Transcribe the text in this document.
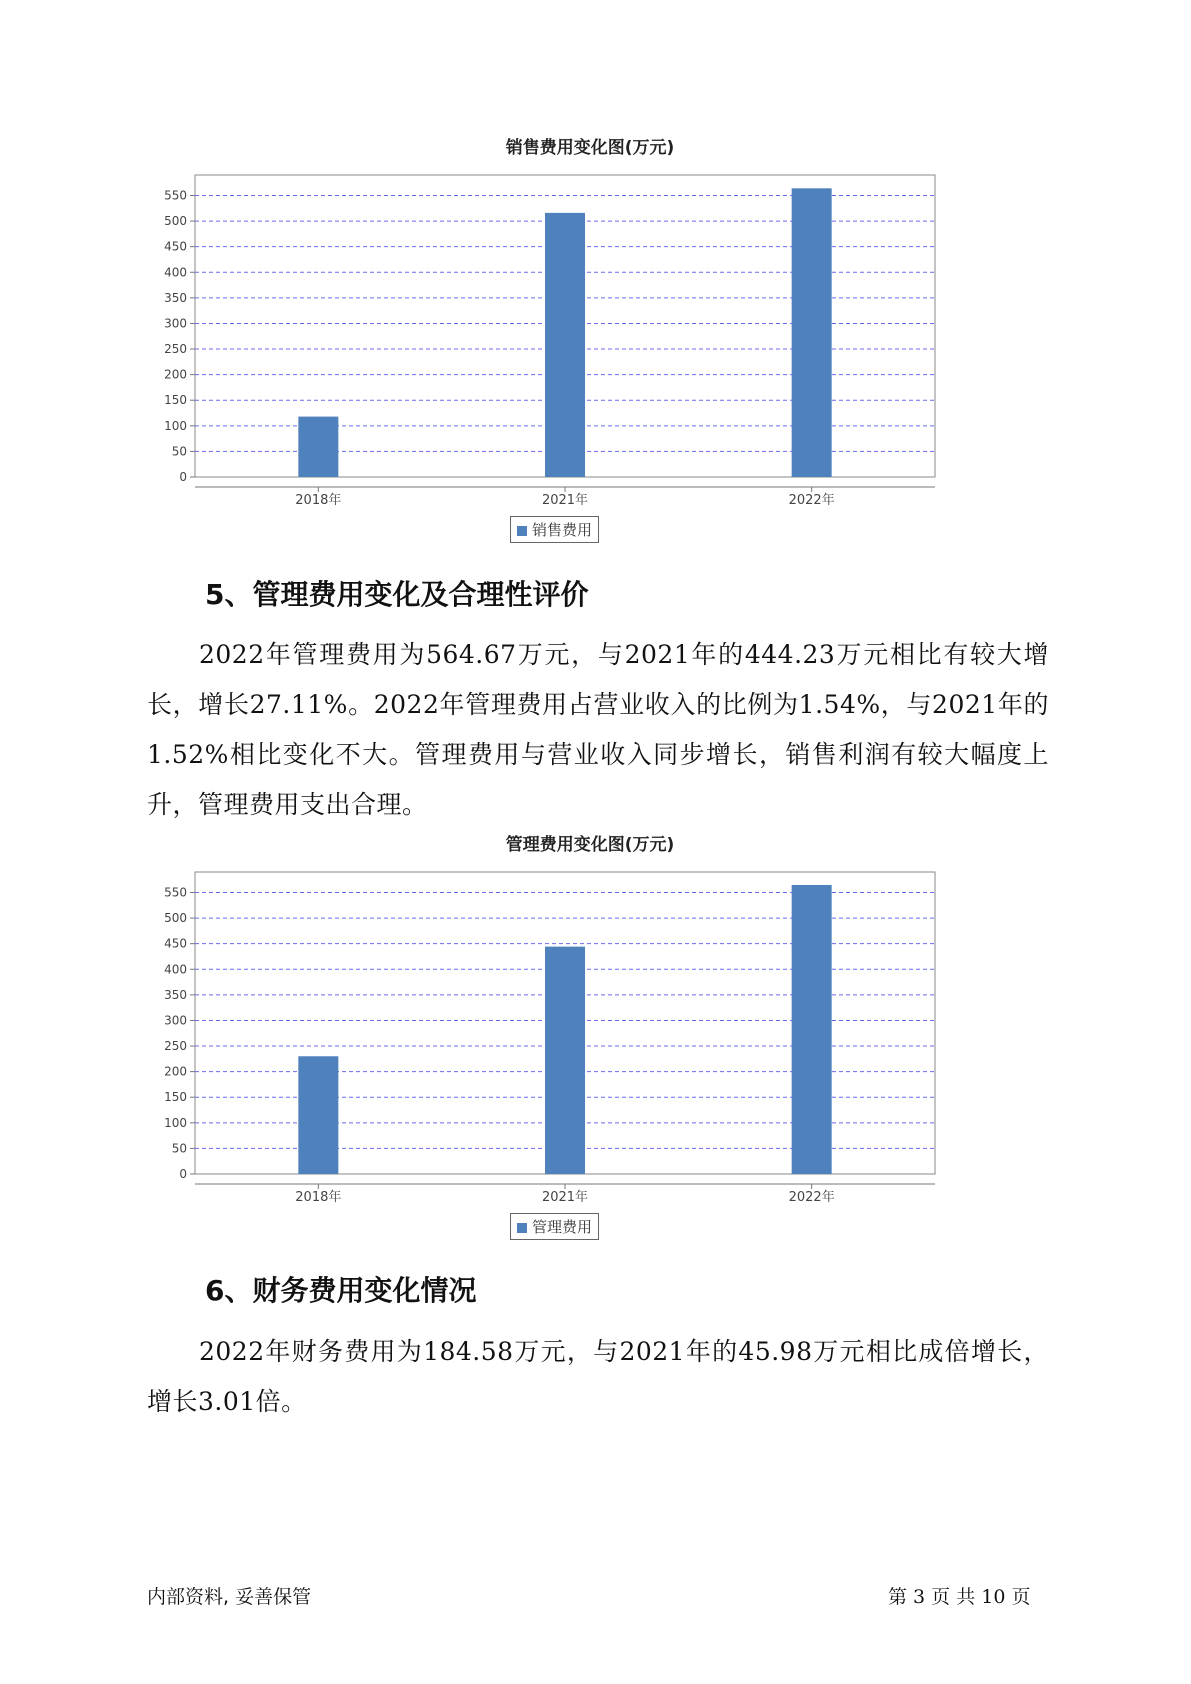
销售费用变化图(万元)
0
50
100
150
200
250
300
350
400
450
500
550
2018年	2021年	2022年
销售费用
5、管理费用变化及合理性评价
2022年管理费用为564.67万元，与2021年的444.23万元相比有较大增长，增长27.11%。2022年管理费用占营业收入的比例为1.54%，与2021年的1.52%相比变化不大。管理费用与营业收入同步增长，销售利润有较大幅度上升，管理费用支出合理。
管理费用变化图(万元)
0
50
100
150
200
250
300
350
400
450
500
550
2018年	2021年	2022年
管理费用
6、财务费用变化情况
2022年财务费用为184.58万元，与2021年的45.98万元相比成倍增长，增长3.01倍。
内部资料, 妥善保管	第 3 页 共 10 页
